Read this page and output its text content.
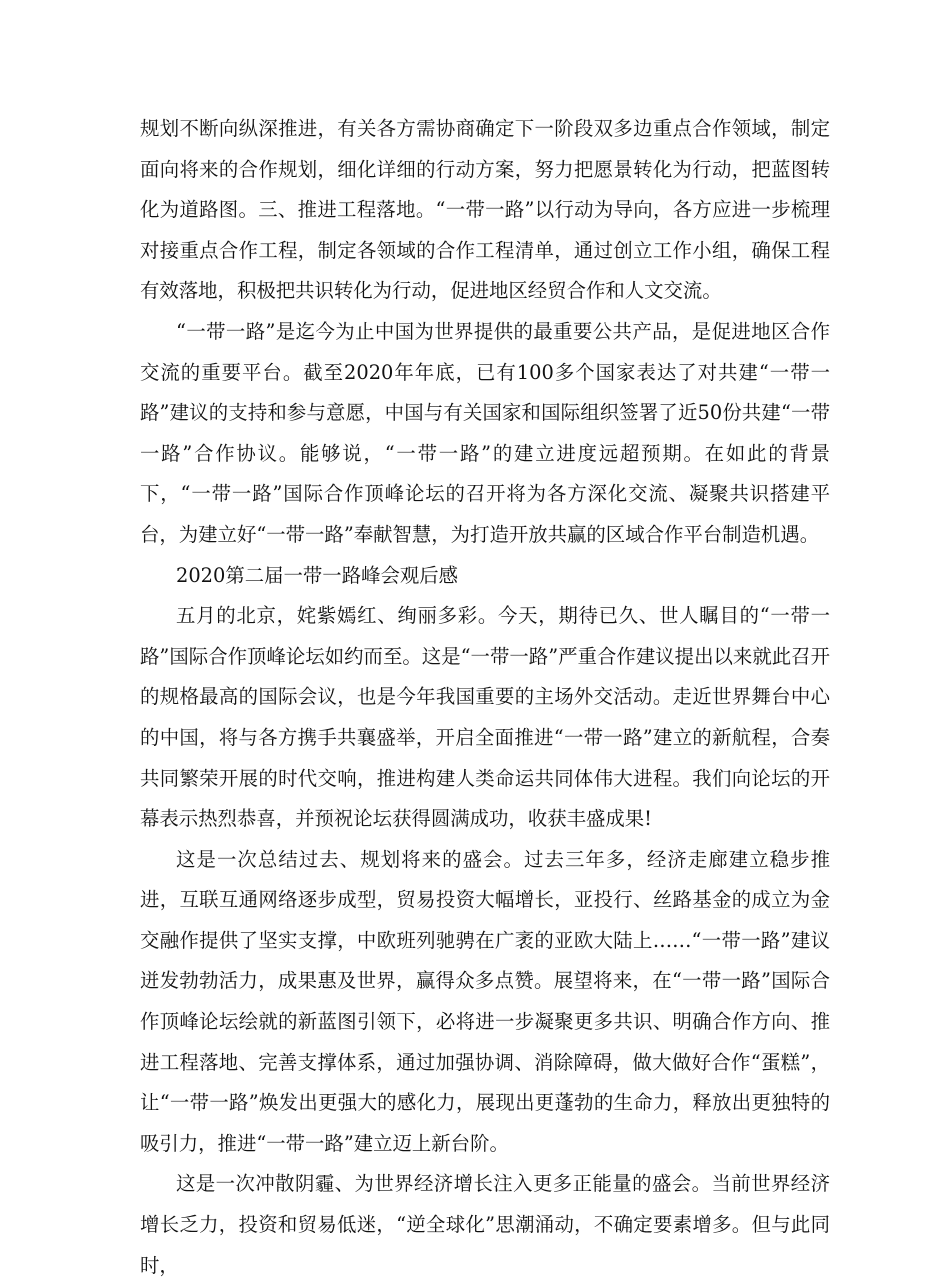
规划不断向纵深推进，有关各方需协商确定下一阶段双多边重点合作领域，制定面向将来的合作规划，细化详细的行动方案，努力把愿景转化为行动，把蓝图转化为道路图。三、推进工程落地。“一带一路”以行动为导向，各方应进一步梳理对接重点合作工程，制定各领域的合作工程清单，通过创立工作小组，确保工程有效落地，积极把共识转化为行动，促进地区经贸合作和人文交流。

“一带一路”是迄今为止中国为世界提供的最重要公共产品，是促进地区合作交流的重要平台。截至2020年年底，已有100多个国家表达了对共建“一带一路”建议的支持和参与意愿，中国与有关国家和国际组织签署了近50份共建“一带一路”合作协议。能够说，“一带一路”的建立进度远超预期。在如此的背景下，“一带一路”国际合作顶峰论坛的召开将为各方深化交流、凝聚共识搭建平台，为建立好“一带一路”奉献智慧，为打造开放共赢的区域合作平台制造机遇。

2020第二届一带一路峰会观后感

五月的北京，姹紫嫣红、绚丽多彩。今天，期待已久、世人瞩目的“一带一路”国际合作顶峰论坛如约而至。这是“一带一路”严重合作建议提出以来就此召开的规格最高的国际会议，也是今年我国重要的主场外交活动。走近世界舞台中心的中国，将与各方携手共襄盛举，开启全面推进“一带一路”建立的新航程，合奏共同繁荣开展的时代交响，推进构建人类命运共同体伟大进程。我们向论坛的开幕表示热烈恭喜，并预祝论坛获得圆满成功，收获丰盛成果!

这是一次总结过去、规划将来的盛会。过去三年多，经济走廊建立稳步推进，互联互通网络逐步成型，贸易投资大幅增长，亚投行、丝路基金的成立为金交融作提供了坚实支撑，中欧班列驰骋在广袤的亚欧大陆上……“一带一路”建议迸发勃勃活力，成果惠及世界，赢得众多点赞。展望将来，在“一带一路”国际合作顶峰论坛绘就的新蓝图引领下，必将进一步凝聚更多共识、明确合作方向、推进工程落地、完善支撑体系，通过加强协调、消除障碍，做大做好合作“蛋糕”，让“一带一路”焕发出更强大的感化力，展现出更蓬勃的生命力，释放出更独特的吸引力，推进“一带一路”建立迈上新台阶。

这是一次冲散阴霾、为世界经济增长注入更多正能量的盛会。当前世界经济增长乏力，投资和贸易低迷，“逆全球化”思潮涌动，不确定要素增多。但与此同时，
